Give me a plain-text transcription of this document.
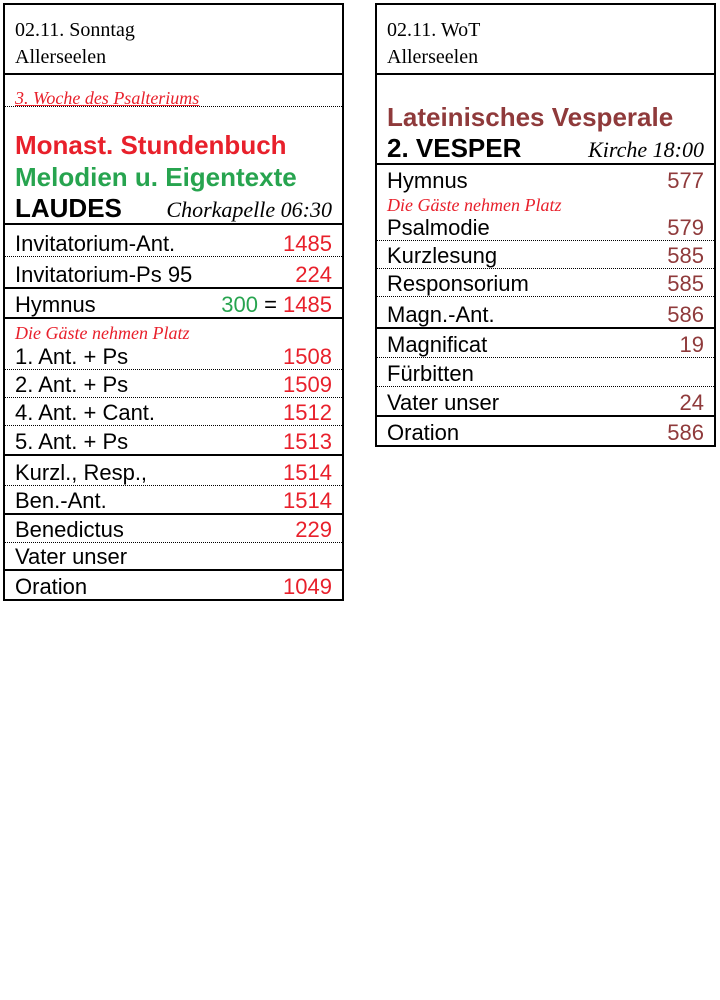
02.11. Sonntag
Allerseelen
3. Woche des Psalteriums
Monast. Stundenbuch
Melodien u. Eigentexte
LAUDES Chorkapelle 06:30
Invitatorium-Ant.	1485
Invitatorium-Ps 95	224
Hymnus	300 = 1485
Die Gäste nehmen Platz
1. Ant. + Ps	1508
2. Ant. + Ps	1509
4. Ant. + Cant.	1512
5. Ant. + Ps	1513
Kurzl., Resp.,	1514
Ben.-Ant.	1514
Benedictus	229
Vater unser
Oration	1049
02.11. WoT
Allerseelen
Lateinisches Vesperale
2. VESPER	Kirche 18:00
Hymnus	577
Die Gäste nehmen Platz
Psalmodie	579
Kurzlesung	585
Responsorium	585
Magn.-Ant.	586
Magnificat	19
Fürbitten
Vater unser	24
Oration	586
